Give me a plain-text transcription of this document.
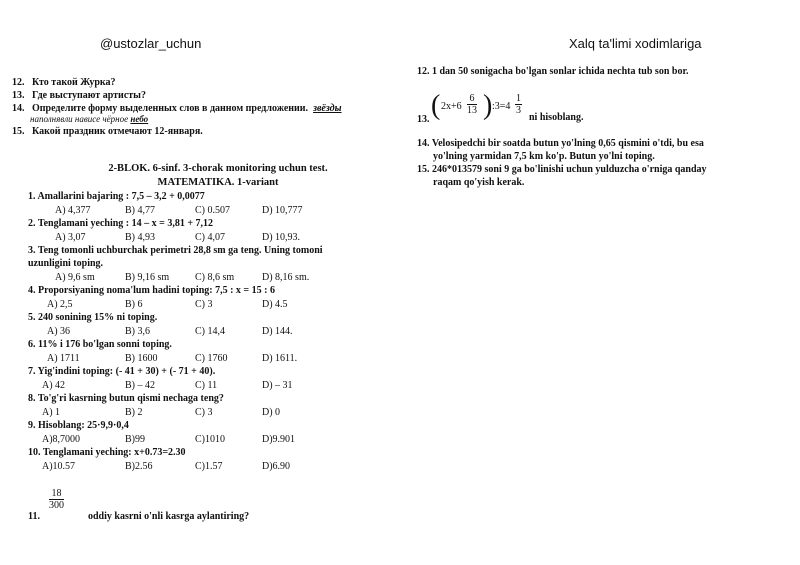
@ustozlar_uchun	Xalq ta'limi xodimlariga
12. Кто такой Журка?
13. Где выступают артисты?
14. Определите форму выделенных слов в данном предложении. звёзды
наполнявли нависе чёрное небо
15. Какой праздник отмечают 12-января.
2-BLOK. 6-sinf. 3-chorak monitoring uchun test.
MATEMATIKA. 1-variant
1. Amallarini bajaring : 7,5 – 3,2 + 0,0077
A) 4,377	B) 4,77	C) 0.507	D) 10,777
2. Tenglamani yeching : 14 – x = 3,81 + 7,12
A) 3,07	B) 4,93	C) 4,07	D) 10,93.
3. Teng tomonli uchburchak perimetri 28,8 sm ga teng. Uning tomoni
uzunligini toping.
A) 9,6 sm	B) 9,16 sm	C) 8,6 sm	D) 8,16 sm.
4. Proporsiyaning noma'lum hadini toping: 7,5 : x = 15 : 6
A) 2,5	B) 6	C) 3	D) 4.5
5. 240 sonining 15% ni toping.
A) 36	B) 3,6	C) 14,4	D) 144.
6. 11% i 176 bo'lgan sonni toping.
A) 1711	B) 1600	C) 1760	D) 1611.
7. Yig'indini toping: (- 41 + 30) + (- 71 + 40).
A) 42	B) – 42	C) 11	D) – 31
8. To'g'ri kasrning butun qismi nechaga teng?
A) 1	B) 2	C) 3	D) 0
9. Hisoblang: 25·9,9·0,4
A)8,7000	B)99	C)1010	D)9.901
10. Tenglamani yeching: x+0.73=2.30
A)10.57	B)2.56	C)1.57	D)6.90
11.
$\frac{18}{300}$
oddiy kasrni o'nli kasrga aylantiring?
12. 1 dan 50 sonigacha bo'lgan sonlar ichida nechta tub son bor.
13. ( $2x+6 \frac{6}{13}$ ) :3=4 $\frac{1}{3}$
ni hisoblang.
14. Velosipedchi bir soatda butun yo'lning 0,65 qismini o'tdi, bu esa
yo'lning yarmidan 7,5 km ko'p. Butun yo'lni toping.
15. 246*013579 soni 9 ga bo'linishi uchun yulduzcha o'rniga qanday
raqam qo'yish kerak.
